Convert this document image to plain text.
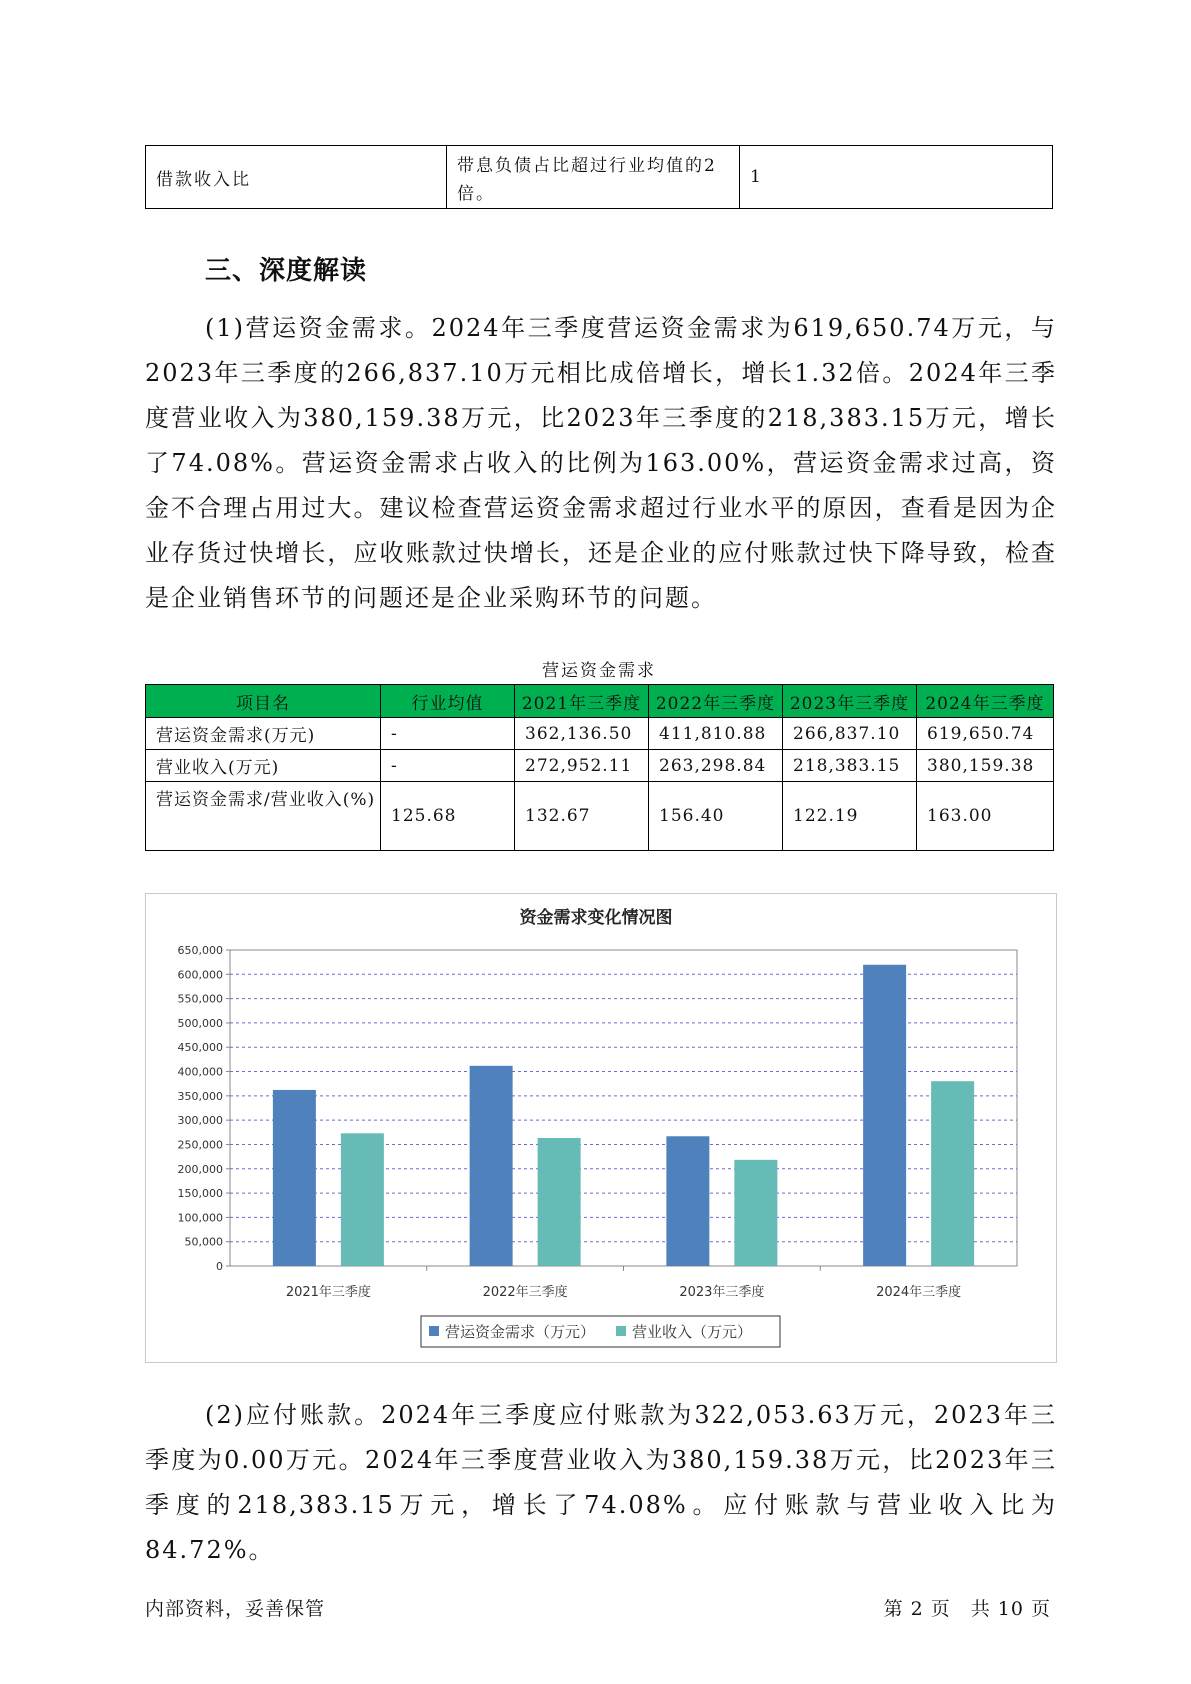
借款收入比	带息负债占比超过行业均值的2倍。	1
三、深度解读

(1)营运资金需求。2024年三季度营运资金需求为619,650.74万元，与2023年三季度的266,837.10万元相比成倍增长，增长1.32倍。2024年三季度营业收入为380,159.38万元，比2023年三季度的218,383.15万元，增长了74.08%。营运资金需求占收入的比例为163.00%，营运资金需求过高，资金不合理占用过大。建议检查营运资金需求超过行业水平的原因，查看是因为企业存货过快增长，应收账款过快增长，还是企业的应付账款过快下降导致，检查是企业销售环节的问题还是企业采购环节的问题。

营运资金需求
项目名	行业均值	2021年三季度	2022年三季度	2023年三季度	2024年三季度
营运资金需求(万元)	-	362,136.50	411,810.88	266,837.10	619,650.74
营业收入(万元)	-	272,952.11	263,298.84	218,383.15	380,159.38
营运资金需求/营业收入(%)	125.68	132.67	156.40	122.19	163.00
资金需求变化情况图
0
50,000
100,000
150,000
200,000
250,000
300,000
350,000
400,000
450,000
500,000
550,000
600,000
650,000
2021年三季度	2022年三季度	2023年三季度	2024年三季度
营运资金需求（万元） 营业收入（万元）

(2)应付账款。2024年三季度应付账款为322,053.63万元，2023年三季度为0.00万元。2024年三季度营业收入为380,159.38万元，比2023年三季度的218,383.15万元，增长了74.08%。应付账款与营业收入比为84.72%。

内部资料，妥善保管	第 2 页　共 10 页
